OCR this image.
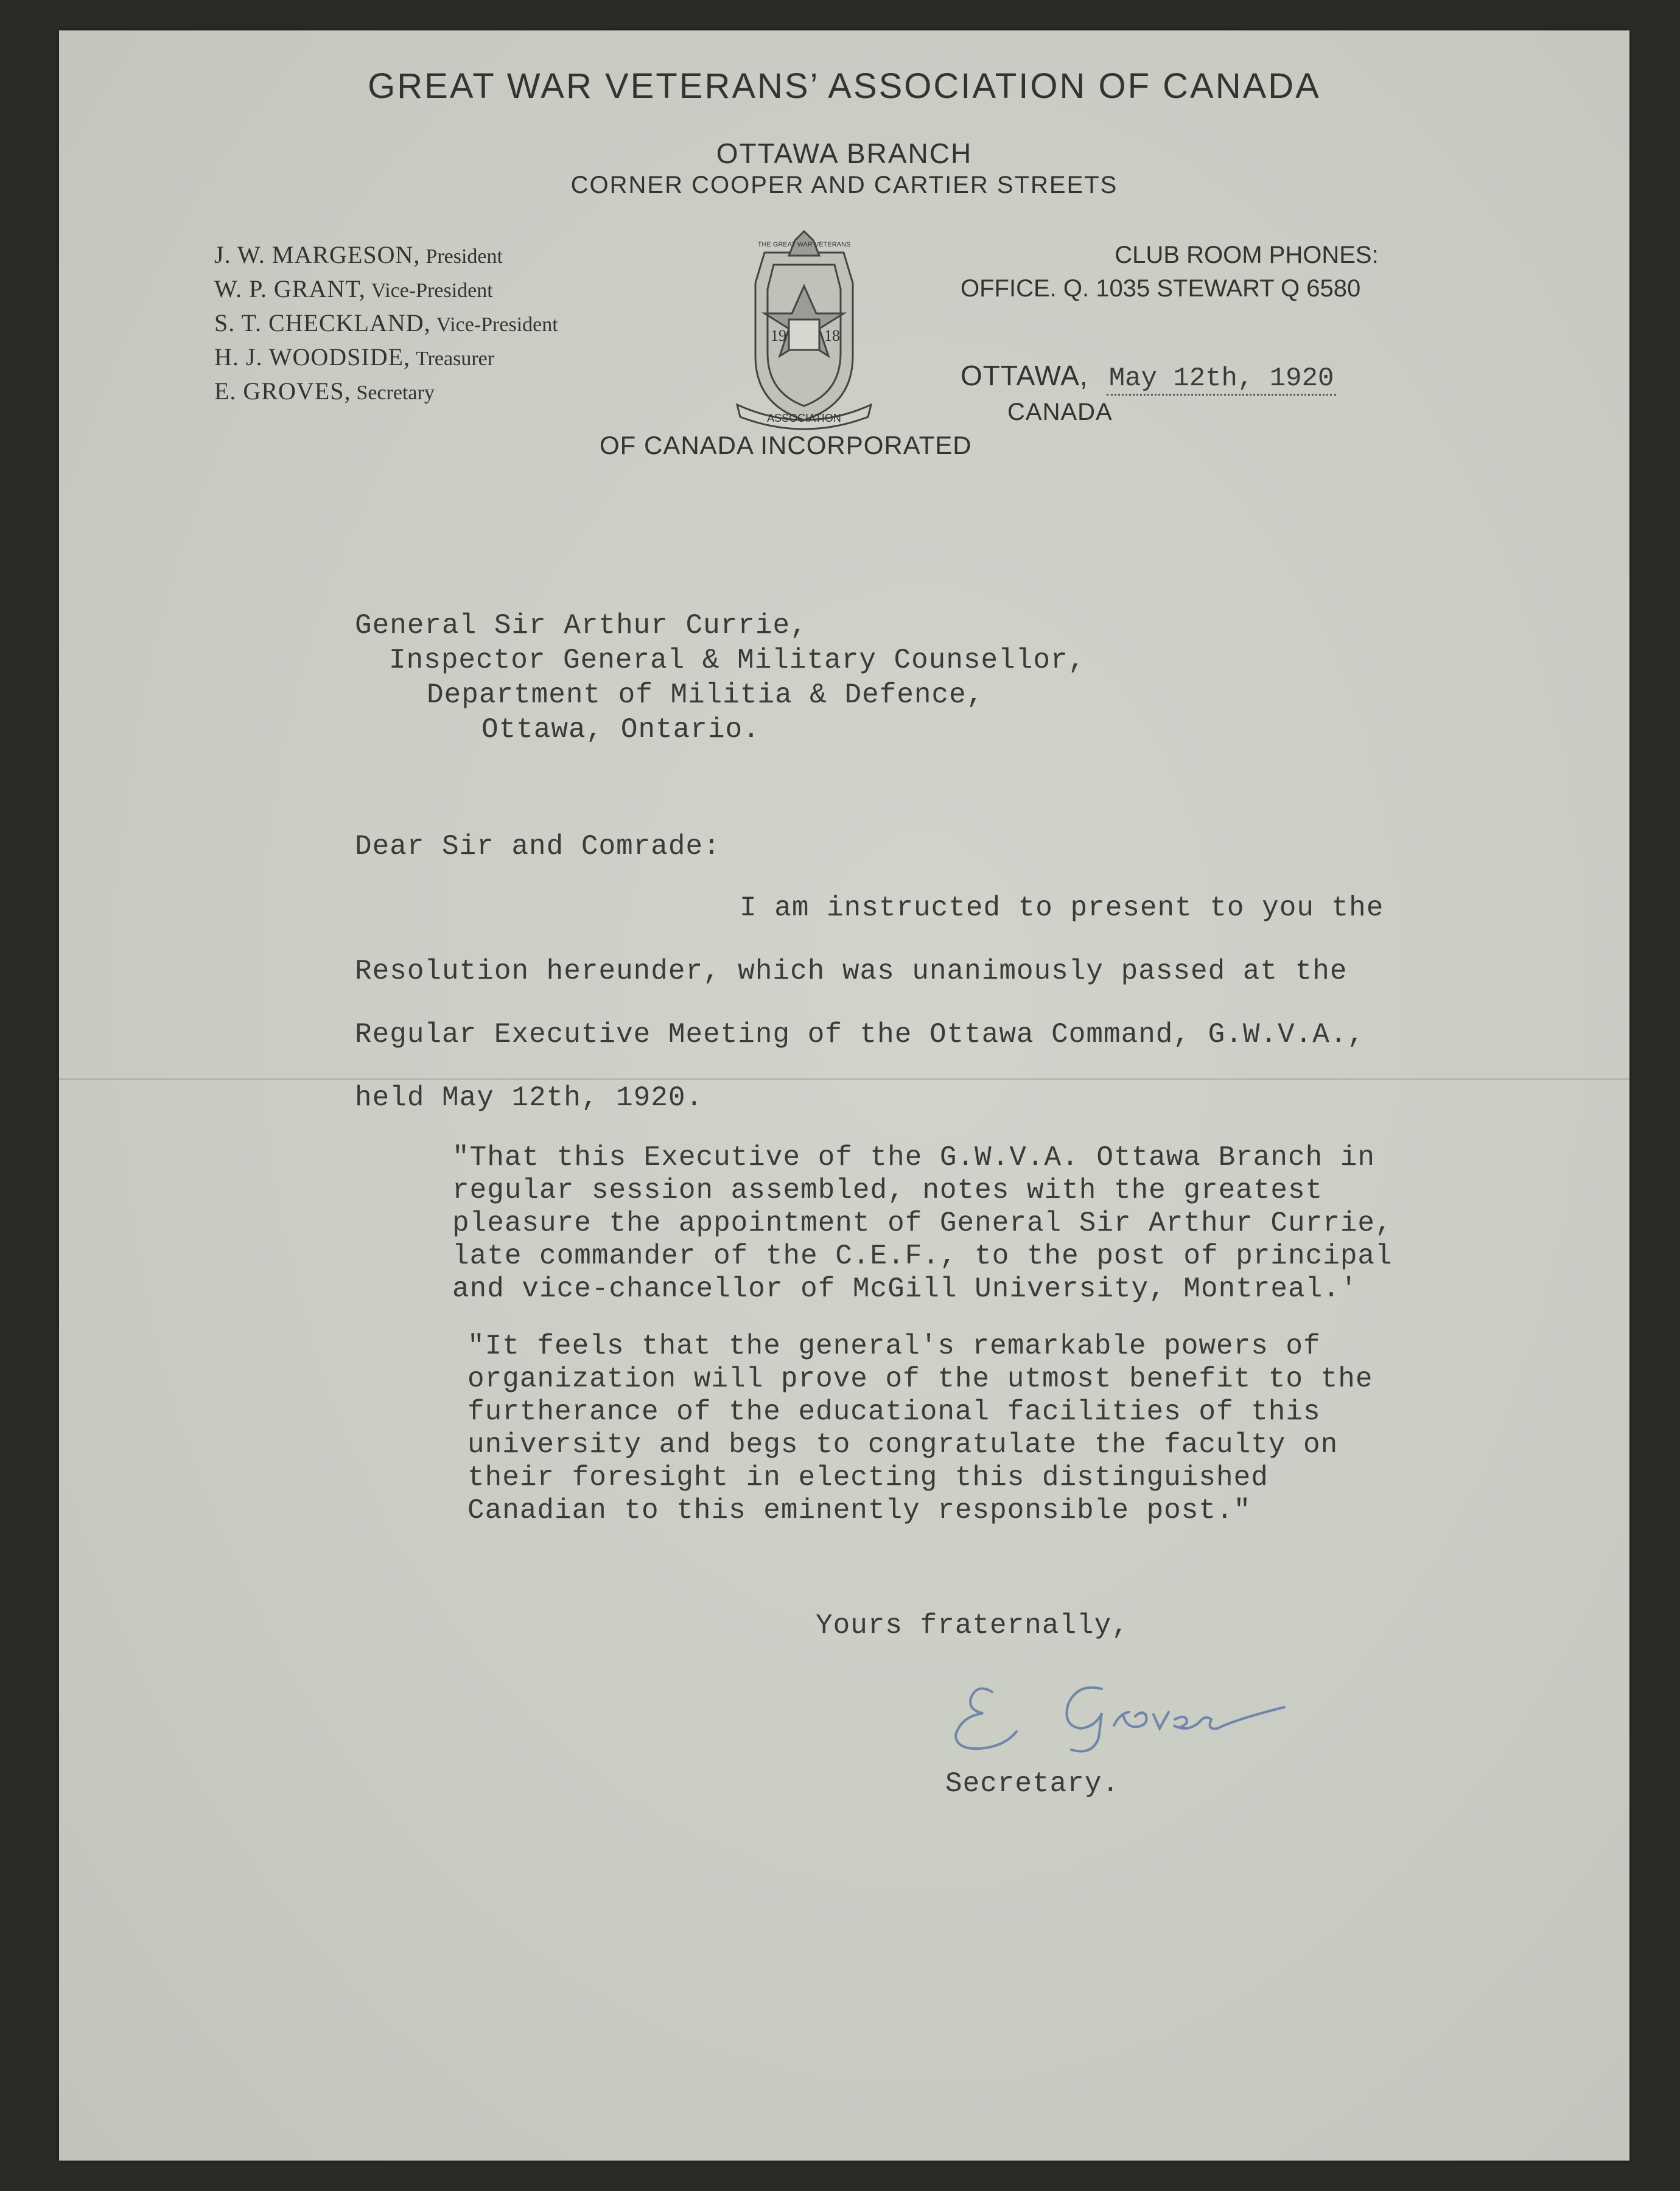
GREAT WAR VETERANS’ ASSOCIATION OF CANADA
OTTAWA BRANCH
CORNER COOPER AND CARTIER STREETS
J. W. MARGESON, President
W. P. GRANT, Vice-President
S. T. CHECKLAND, Vice-President
H. J. WOODSIDE, Treasurer
E. GROVES, Secretary
19 18
ASSOCIATION
THE GREAT WAR VETERANS	CLUB ROOM PHONES:
OFFICE. Q. 1035 STEWART Q 6580
OTTAWA, May 12th, 1920
CANADA
OF CANADA INCORPORATED
General Sir Arthur Currie,
Inspector General & Military Counsellor,
Department of Militia & Defence,
Ottawa, Ontario.
Dear Sir and Comrade:
I am instructed to present to you the
Resolution hereunder, which was unanimously passed at the
Regular Executive Meeting of the Ottawa Command, G.W.V.A.,
held May 12th, 1920.
"That this Executive of the G.W.V.A. Ottawa Branch in
regular session assembled, notes with the greatest
pleasure the appointment of General Sir Arthur Currie,
late commander of the C.E.F., to the post of principal
and vice-chancellor of McGill University, Montreal.'
"It feels that the general's remarkable powers of
organization will prove of the utmost benefit to the
furtherance of the educational facilities of this
university and begs to congratulate the faculty on
their foresight in electing this distinguished
Canadian to this eminently responsible post."
Yours fraternally,
Secretary.
